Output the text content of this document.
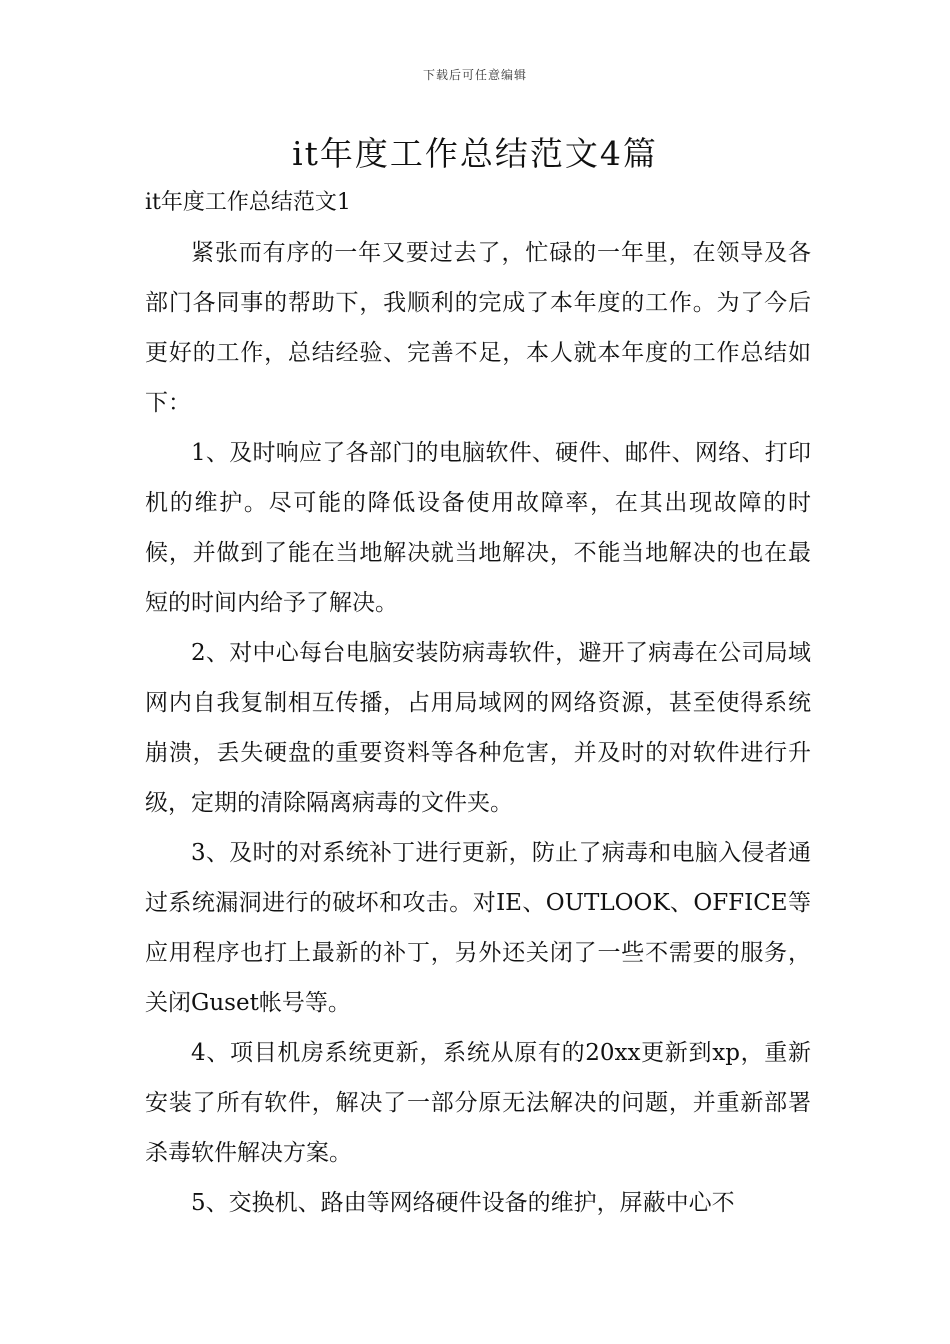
下载后可任意编辑
it年度工作总结范文4篇
it年度工作总结范文1

紧张而有序的一年又要过去了，忙碌的一年里，在领导及各部门各同事的帮助下，我顺利的完成了本年度的工作。为了今后更好的工作，总结经验、完善不足，本人就本年度的工作总结如下：

1、及时响应了各部门的电脑软件、硬件、邮件、网络、打印机的维护。尽可能的降低设备使用故障率，在其出现故障的时候，并做到了能在当地解决就当地解决，不能当地解决的也在最短的时间内给予了解决。

2、对中心每台电脑安装防病毒软件，避开了病毒在公司局域网内自我复制相互传播，占用局域网的网络资源，甚至使得系统崩溃，丢失硬盘的重要资料等各种危害，并及时的对软件进行升级，定期的清除隔离病毒的文件夹。

3、及时的对系统补丁进行更新，防止了病毒和电脑入侵者通过系统漏洞进行的破坏和攻击。对IE、OUTLOOK、OFFICE等应用程序也打上最新的补丁，另外还关闭了一些不需要的服务，关闭Guset帐号等。

4、项目机房系统更新，系统从原有的20xx更新到xp，重新安装了所有软件，解决了一部分原无法解决的问题，并重新部署杀毒软件解决方案。

5、交换机、路由等网络硬件设备的维护，屏蔽中心不
